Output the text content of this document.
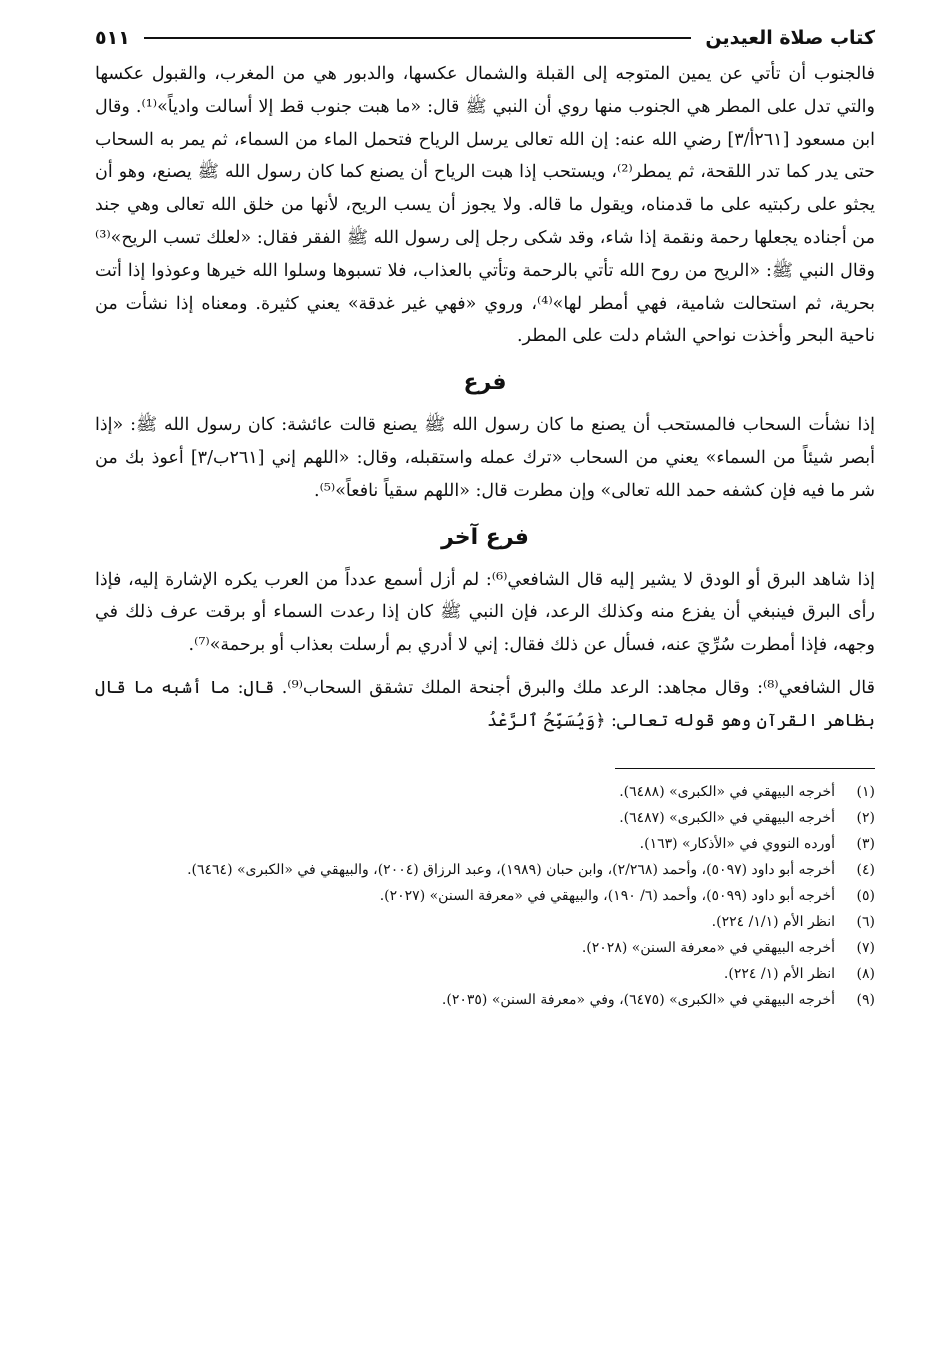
كتاب صلاة العيدين
٥١١

فالجنوب أن تأتي عن يمين المتوجه إلى القبلة والشمال عكسها، والدبور هي من المغرب، والقبول عكسها والتي تدل على المطر هي الجنوب منها روي أن النبي ﷺ قال: «ما هبت جنوب قط إلا أسالت وادياً»⁽¹⁾. وقال ابن مسعود [٢٦١أ/٣] رضي الله عنه: إن الله تعالى يرسل الرياح فتحمل الماء من السماء، ثم يمر به السحاب حتى يدر كما تدر اللقحة، ثم يمطر⁽²⁾، ويستحب إذا هبت الرياح أن يصنع كما كان رسول الله ﷺ يصنع، وهو أن يجثو على ركبتيه على ما قدمناه، ويقول ما قاله. ولا يجوز أن يسب الريح، لأنها من خلق الله تعالى وهي جند من أجناده يجعلها رحمة ونقمة إذا شاء، وقد شكى رجل إلى رسول الله ﷺ الفقر فقال: «لعلك تسب الريح»⁽³⁾ وقال النبي ﷺ: «الريح من روح الله تأتي بالرحمة وتأتي بالعذاب، فلا تسبوها وسلوا الله خيرها وعوذوا إذا أتت بحرية، ثم استحالت شامية، فهي أمطر لها»⁽⁴⁾، وروي «فهي غير غدقة» يعني كثيرة. ومعناه إذا نشأت من ناحية البحر وأخذت نواحي الشام دلت على المطر.

فرع

إذا نشأت السحاب فالمستحب أن يصنع ما كان رسول الله ﷺ يصنع قالت عائشة: كان رسول الله ﷺ: «إذا أبصر شيئاً من السماء» يعني من السحاب «ترك عمله واستقبله، وقال: «اللهم إني [٢٦١ب/٣] أعوذ بك من شر ما فيه فإن كشفه حمد الله تعالى» وإن مطرت قال: «اللهم سقياً نافعاً»⁽⁵⁾.

فرع آخر

إذا شاهد البرق أو الودق لا يشير إليه قال الشافعي⁽⁶⁾: لم أزل أسمع عدداً من العرب يكره الإشارة إليه، فإذا رأى البرق فينبغي أن يفزع منه وكذلك الرعد، فإن النبي ﷺ كان إذا رعدت السماء أو برقت عرف ذلك في وجهه، فإذا أمطرت سُرِّيَ عنه، فسأل عن ذلك فقال: إني لا أدري بم أرسلت بعذاب أو برحمة»⁽⁷⁾.

قال الشافعي⁽⁸⁾: وقال مجاهد: الرعد ملك والبرق أجنحة الملك تشقق السحاب⁽⁹⁾. قال: ما أشبه ما قال بظاهر القرآن وهو قوله تعالى: ﴿وَيُسَبِّحُ ٱلرَّعْدُ

(١)
أخرجه البيهقي في «الكبرى» (٦٤٨٨).
(٢)
أخرجه البيهقي في «الكبرى» (٦٤٨٧).
(٣)
أورده النووي في «الأذكار» (١٦٣).
(٤)
أخرجه أبو داود (٥٠٩٧)، وأحمد (٢/٢٦٨)، وابن حبان (١٩٨٩)، وعبد الرزاق (٢٠٠٤)، والبيهقي في «الكبرى» (٦٤٦٤).
(٥)
أخرجه أبو داود (٥٠٩٩)، وأحمد (٦/ ١٩٠)، والبيهقي في «معرفة السنن» (٢٠٢٧).
(٦)
انظر الأم (١/١/ ٢٢٤).
(٧)
أخرجه البيهقي في «معرفة السنن» (٢٠٢٨).
(٨)
انظر الأم (١/ ٢٢٤).
(٩)
أخرجه البيهقي في «الكبرى» (٦٤٧٥)، وفي «معرفة السنن» (٢٠٣٥).
